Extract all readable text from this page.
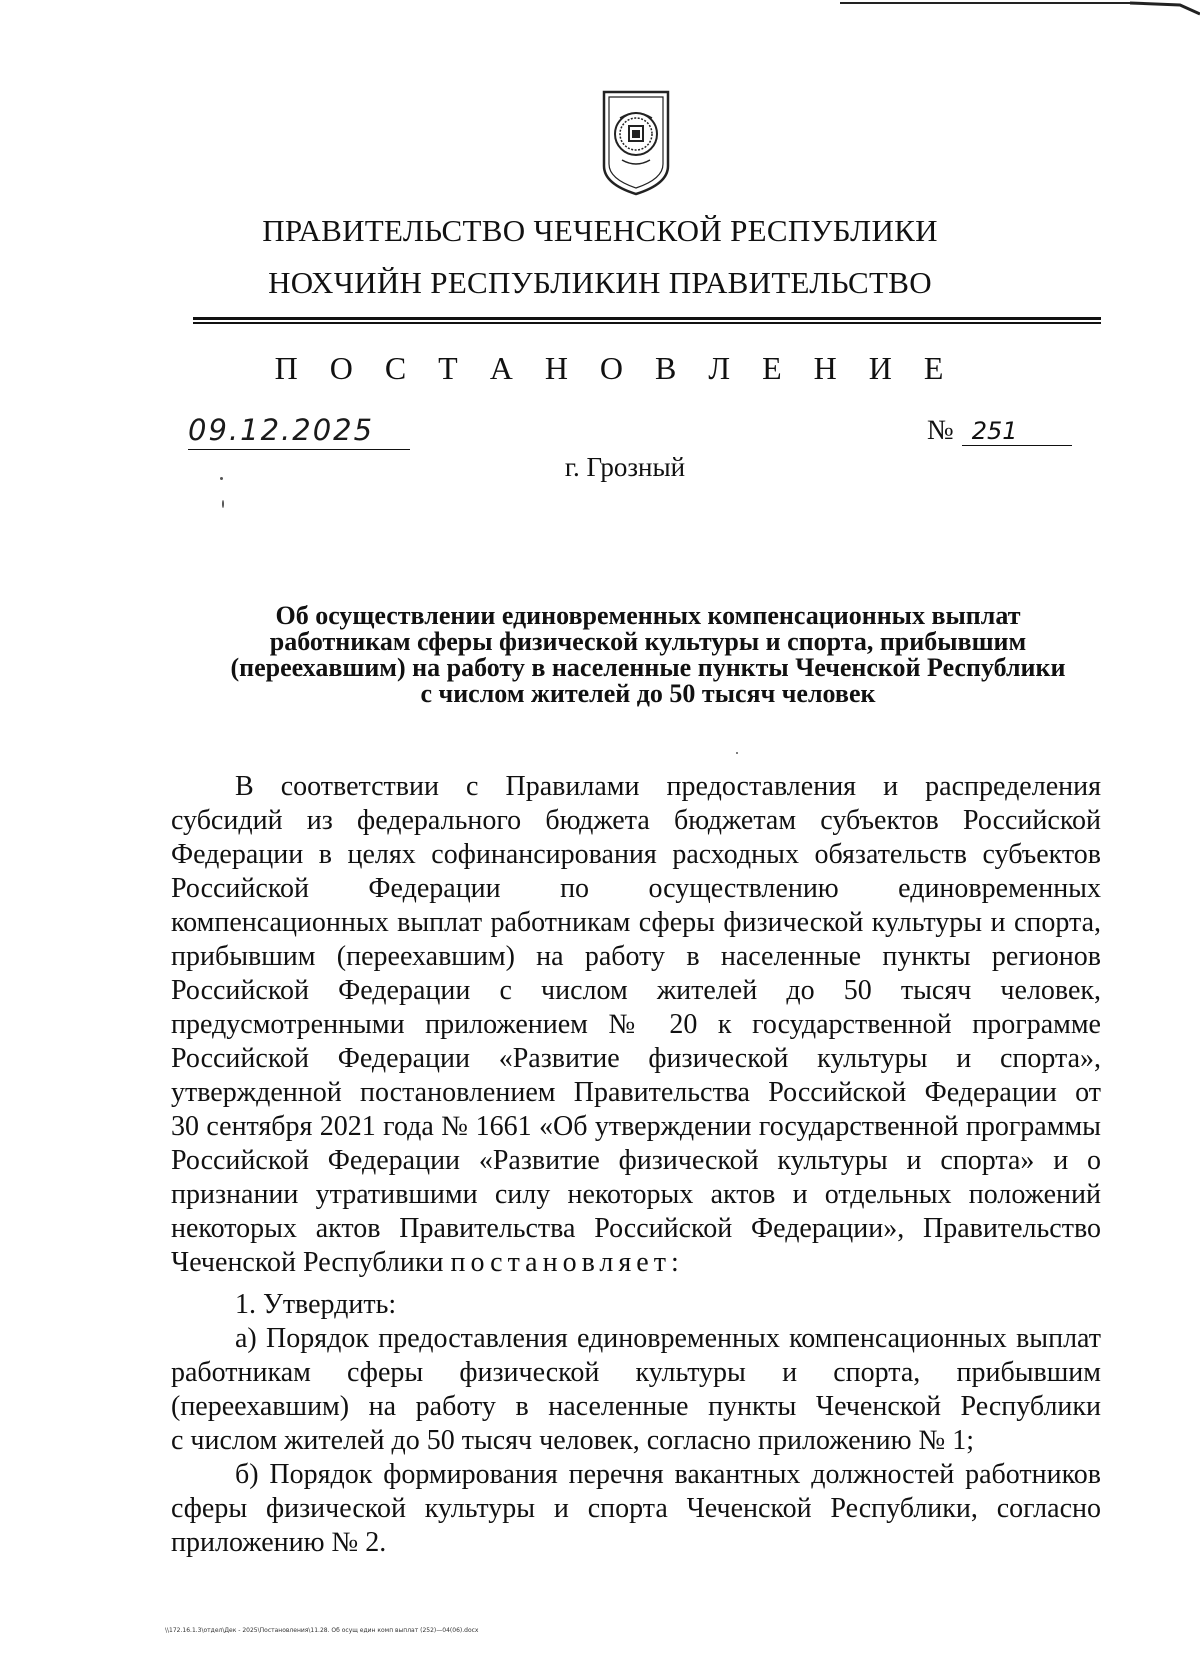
ПРАВИТЕЛЬСТВО ЧЕЧЕНСКОЙ РЕСПУБЛИКИ
НОХЧИЙН РЕСПУБЛИКИН ПРАВИТЕЛЬСТВО
П О С Т А Н О В Л Е Н И Е
09.12.2025	№ 251
г. Грозный
Об осуществлении единовременных компенсационных выплат
работникам сферы физической культуры и спорта, прибывшим
(переехавшим) на работу в населенные пункты Чеченской Республики
с числом жителей до 50 тысяч человек
В соответствии с Правилами предоставления и распределения
субсидий из федерального бюджета бюджетам субъектов Российской
Федерации в целях софинансирования расходных обязательств субъектов
Российской Федерации по осуществлению единовременных
компенсационных выплат работникам сферы физической культуры и спорта,
прибывшим (переехавшим) на работу в населенные пункты регионов
Российской Федерации с числом жителей до 50 тысяч человек,
предусмотренными приложением № 20 к государственной программе
Российской Федерации «Развитие физической культуры и спорта»,
утвержденной постановлением Правительства Российской Федерации от
30 сентября 2021 года № 1661 «Об утверждении государственной программы
Российской Федерации «Развитие физической культуры и спорта» и о
признании утратившими силу некоторых актов и отдельных положений
некоторых актов Правительства Российской Федерации», Правительство
Чеченской Республики постановляет:
1. Утвердить:
а) Порядок предоставления единовременных компенсационных выплат
работникам сферы физической культуры и спорта, прибывшим
(переехавшим) на работу в населенные пункты Чеченской Республики
с числом жителей до 50 тысяч человек, согласно приложению № 1;
б) Порядок формирования перечня вакантных должностей работников
сферы физической культуры и спорта Чеченской Республики, согласно
приложению № 2.
\\172.16.1.3\отдел\Дек - 2025\Постановления\11.28. Об осущ един комп выплат (252)—04(06).docx
